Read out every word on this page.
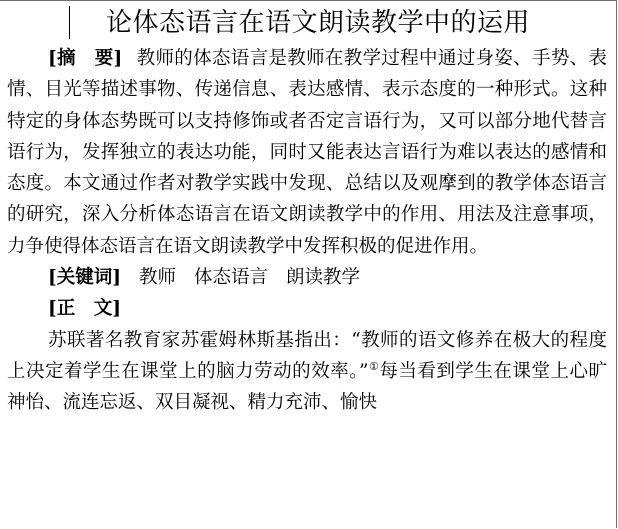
论体态语言在语文朗读教学中的运用

[摘　要] 教师的体态语言是教师在教学过程中通过身姿、手势、表情、目光等描述事物、传递信息、表达感情、表示态度的一种形式。这种特定的身体态势既可以支持修饰或者否定言语行为，又可以部分地代替言语行为，发挥独立的表达功能，同时又能表达言语行为难以表达的感情和态度。本文通过作者对教学实践中发现、总结以及观摩到的教学体态语言的研究，深入分析体态语言在语文朗读教学中的作用、用法及注意事项，力争使得体态语言在语文朗读教学中发挥积极的促进作用。

[关键词] 教师 体态语言 朗读教学

[正　文]

苏联著名教育家苏霍姆林斯基指出：“教师的语文修养在极大的程度上决定着学生在课堂上的脑力劳动的效率。”①每当看到学生在课堂上心旷神怡、流连忘返、双目凝视、精力充沛、愉快
